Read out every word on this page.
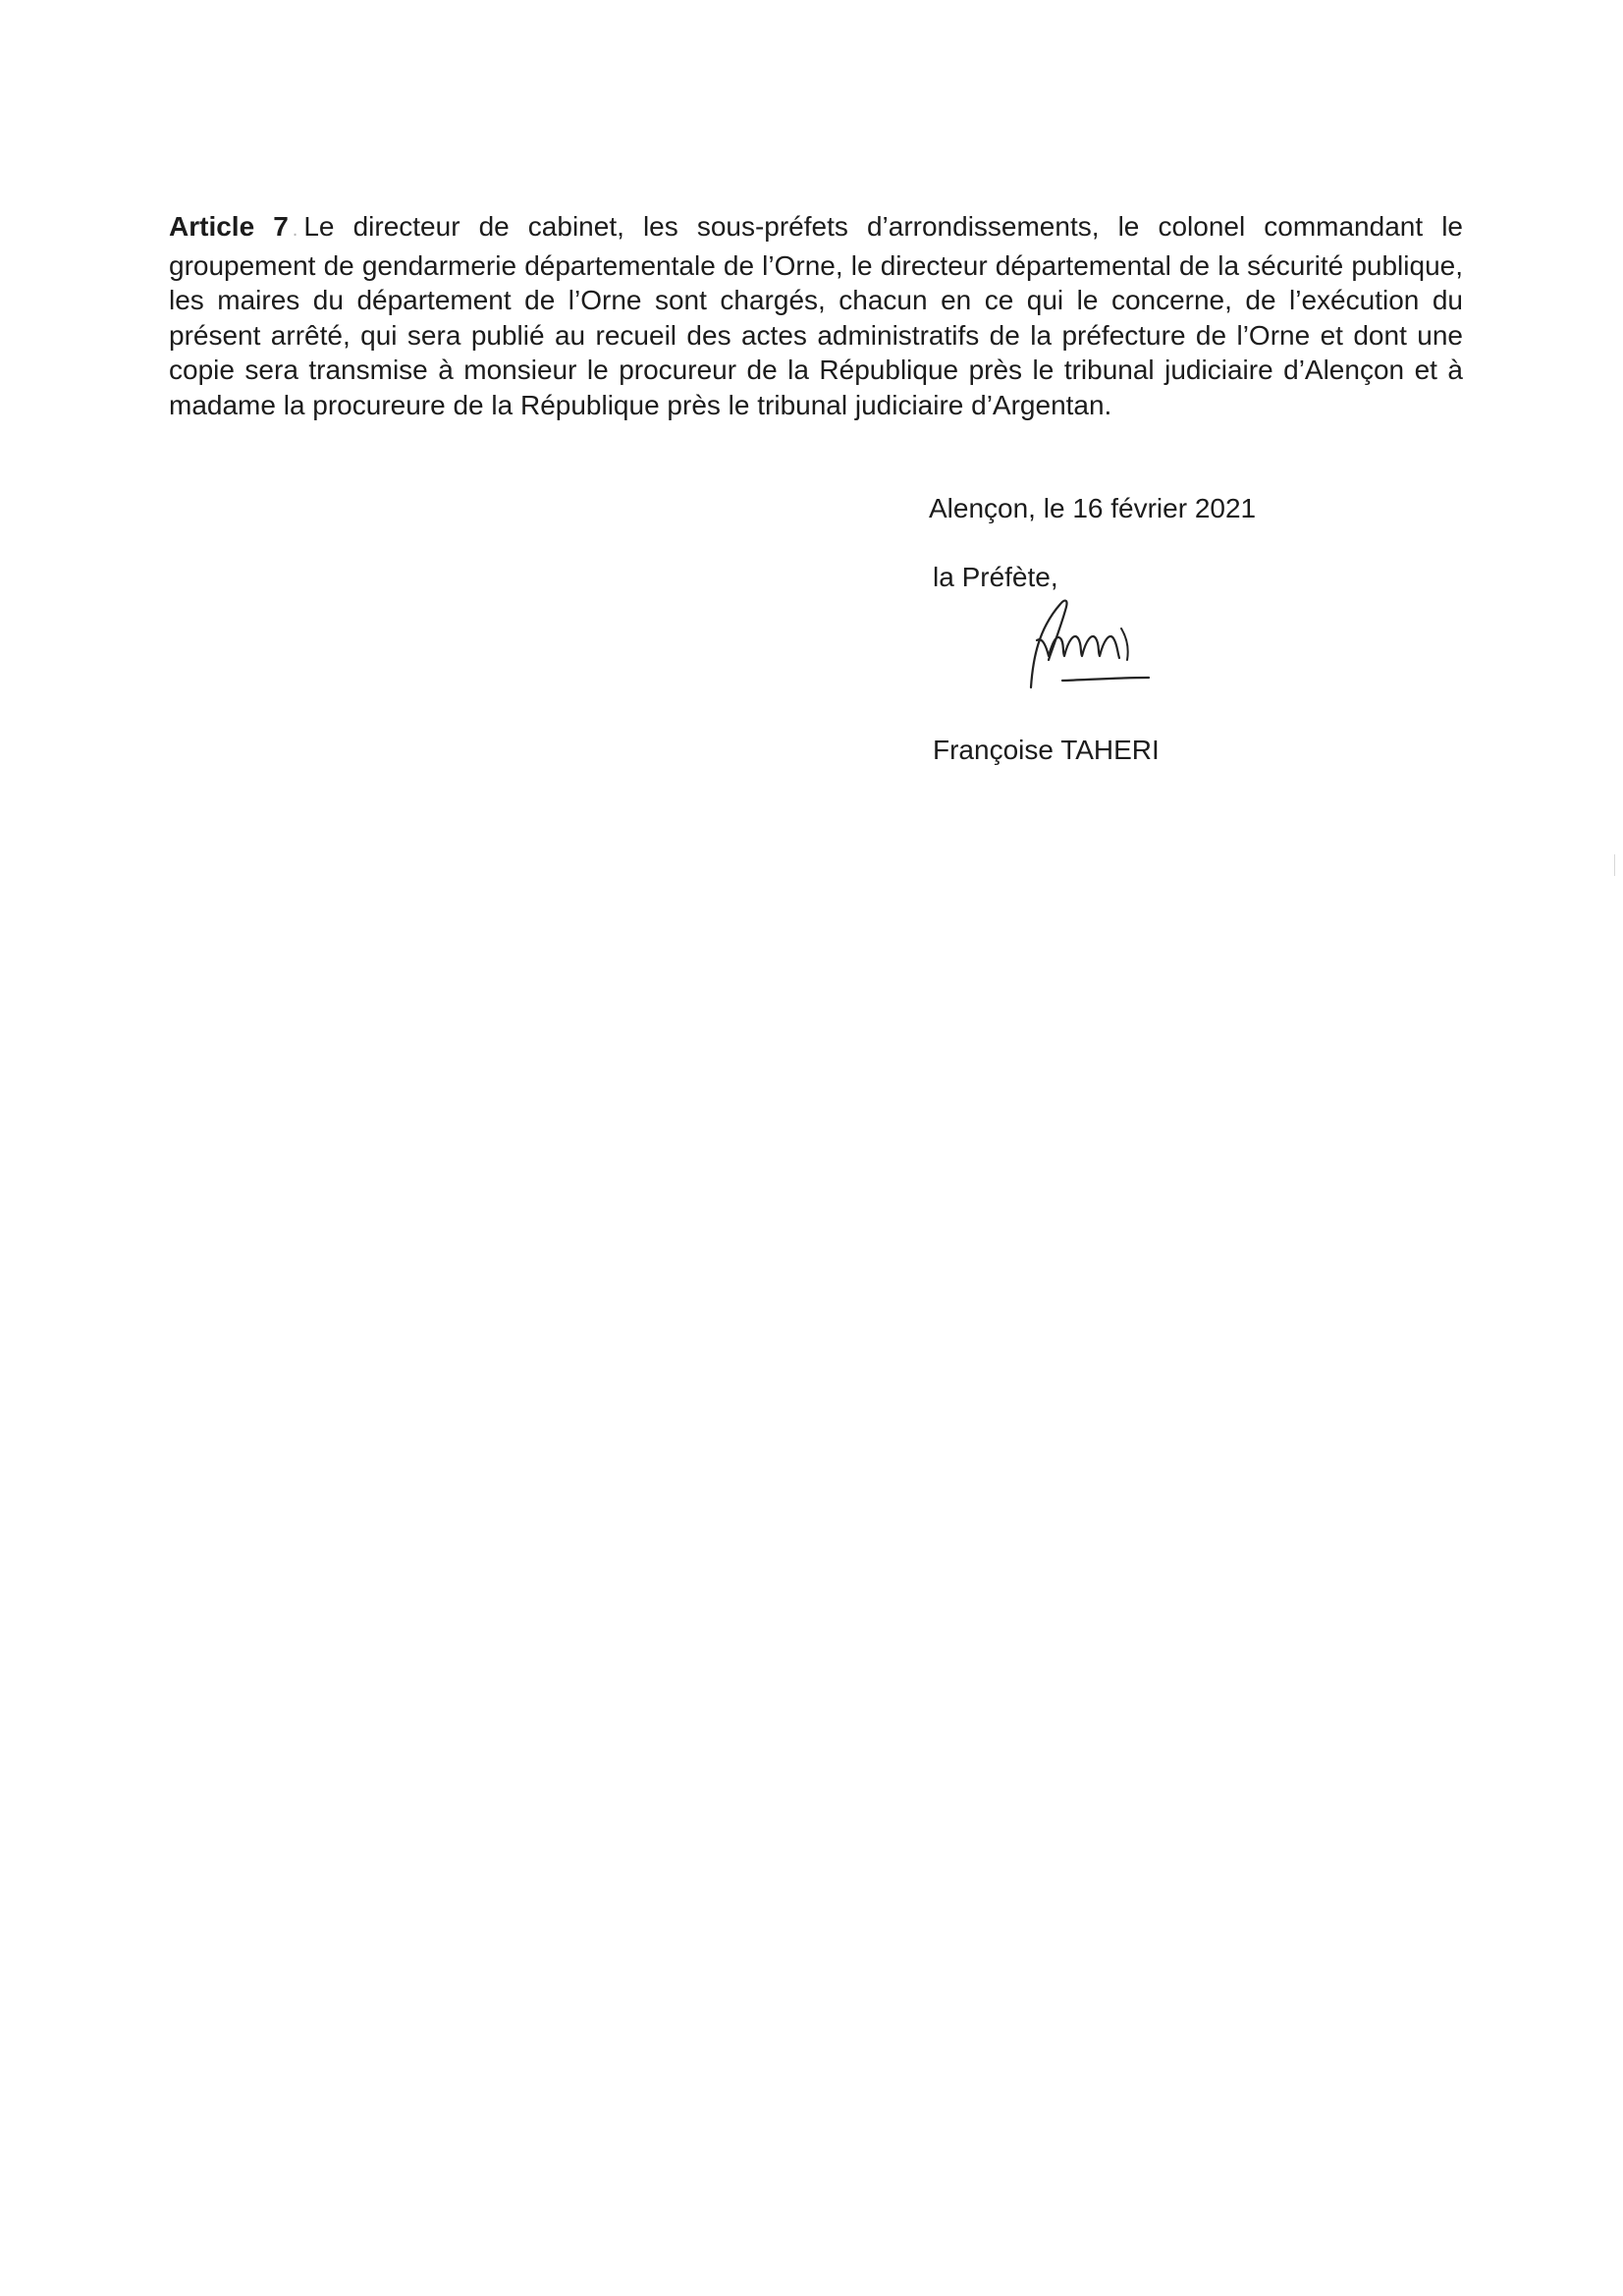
Article 7 . Le directeur de cabinet, les sous-préfets d’arrondissements, le colonel commandant le groupement de gendarmerie départementale de l’Orne, le directeur départemental de la sécurité publique, les maires du département de l’Orne sont chargés, chacun en ce qui le concerne, de l’exécution du présent arrêté, qui sera publié au recueil des actes administratifs de la préfecture de l’Orne et dont une copie sera transmise à monsieur le procureur de la République près le tribunal judiciaire d’Alençon et à madame la procureure de la République près le tribunal judiciaire d’Argentan.

Alençon, le 16 février 2021
la Préfète,
Françoise TAHERI
